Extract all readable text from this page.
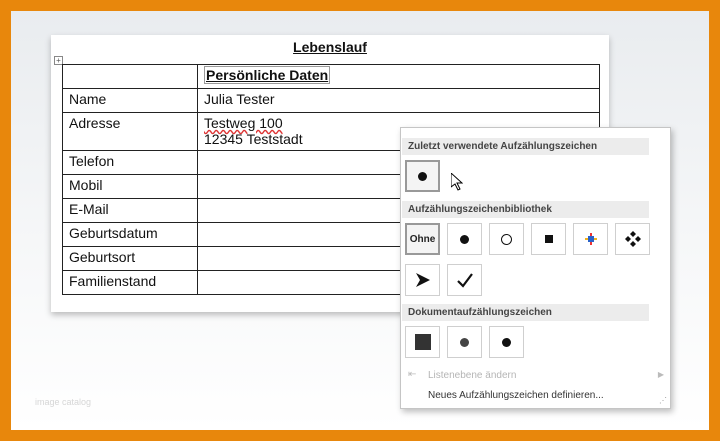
Lebenslauf
+
	Persönliche Daten
Name	Julia Tester
Adresse	Testweg 100
12345 Teststadt

Telefon	
Mobil	
E-Mail	
Geburtsdatum	
Geburtsort	
Familienstand	
image catalog
Zuletzt verwendete Aufzählungszeichen
Aufzählungszeichenbibliothek
Ohne
Dokumentaufzählungszeichen
⇤ Listenebene ändern	▶
Neues Aufzählungszeichen definieren...	⋰
